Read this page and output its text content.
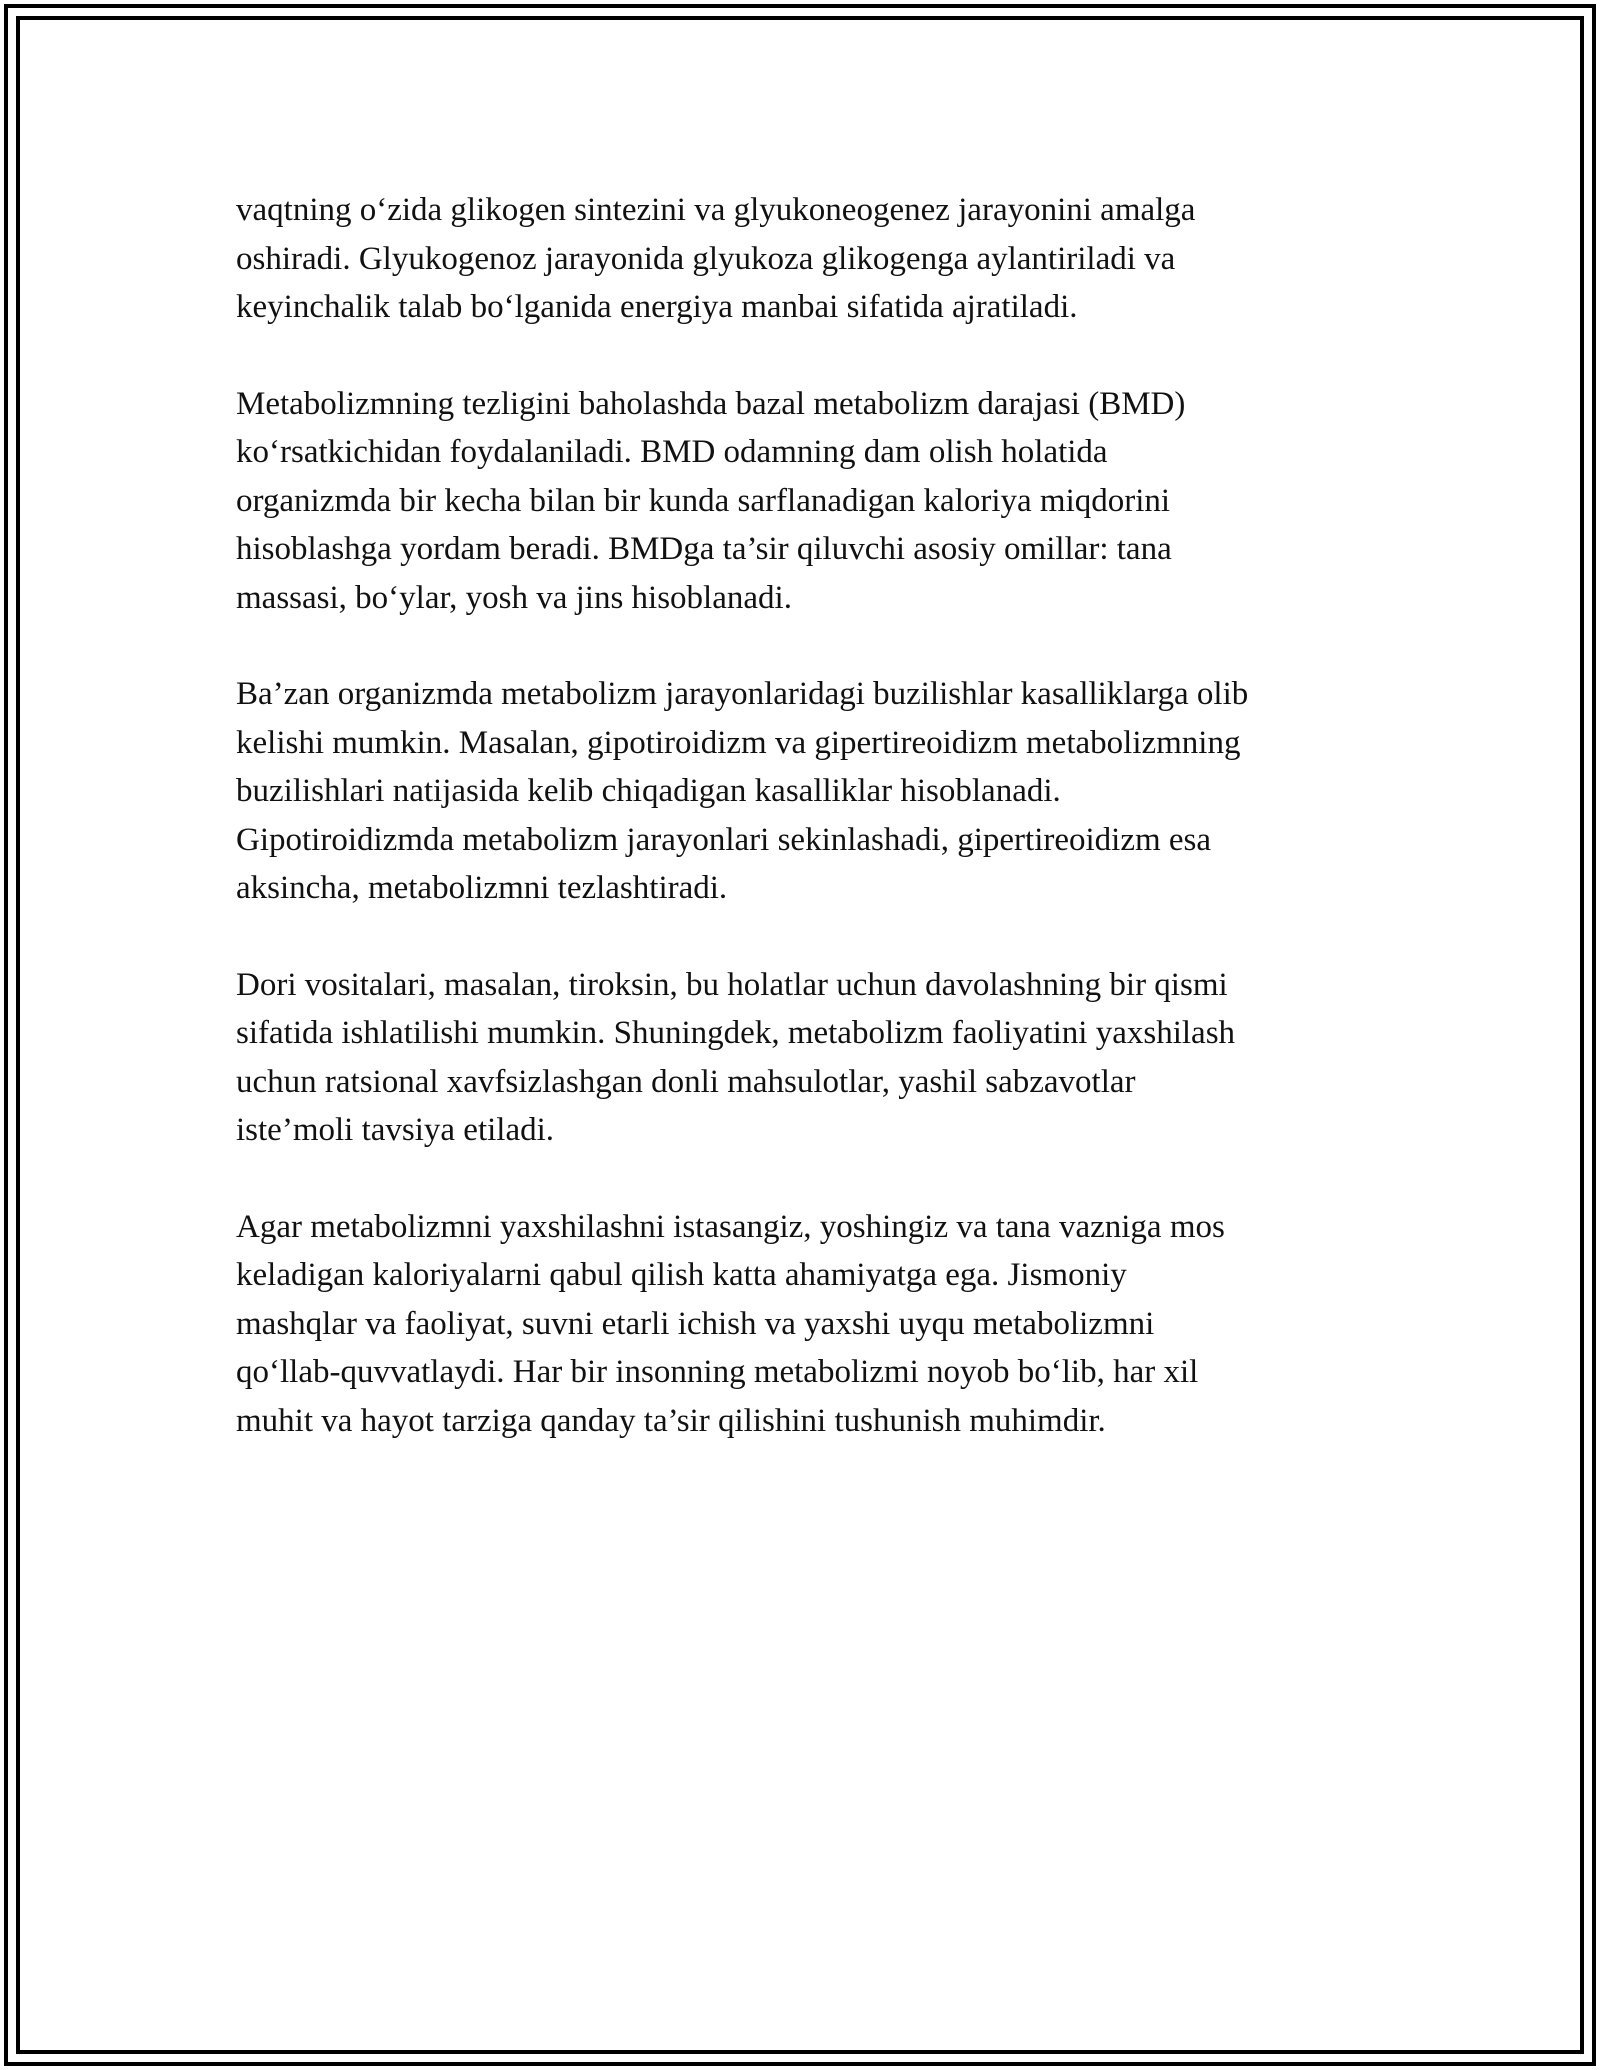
vaqtning o‘zida glikogen sintezini va glyukoneogenez jarayonini amalga
oshiradi. Glyukogenoz jarayonida glyukoza glikogenga aylantiriladi va
keyinchalik talab bo‘lganida energiya manbai sifatida ajratiladi.

Metabolizmning tezligini baholashda bazal metabolizm darajasi (BMD)
ko‘rsatkichidan foydalaniladi. BMD odamning dam olish holatida
organizmda bir kecha bilan bir kunda sarflanadigan kaloriya miqdorini
hisoblashga yordam beradi. BMDga ta’sir qiluvchi asosiy omillar: tana
massasi, bo‘ylar, yosh va jins hisoblanadi.

Ba’zan organizmda metabolizm jarayonlaridagi buzilishlar kasalliklarga olib
kelishi mumkin. Masalan, gipotiroidizm va gipertireoidizm metabolizmning
buzilishlari natijasida kelib chiqadigan kasalliklar hisoblanadi.
Gipotiroidizmda metabolizm jarayonlari sekinlashadi, gipertireoidizm esa
aksincha, metabolizmni tezlashtiradi.

Dori vositalari, masalan, tiroksin, bu holatlar uchun davolashning bir qismi
sifatida ishlatilishi mumkin. Shuningdek, metabolizm faoliyatini yaxshilash
uchun ratsional xavfsizlashgan donli mahsulotlar, yashil sabzavotlar
iste’moli tavsiya etiladi.

Agar metabolizmni yaxshilashni istasangiz, yoshingiz va tana vazniga mos
keladigan kaloriyalarni qabul qilish katta ahamiyatga ega. Jismoniy
mashqlar va faoliyat, suvni etarli ichish va yaxshi uyqu metabolizmni
qo‘llab-quvvatlaydi. Har bir insonning metabolizmi noyob bo‘lib, har xil
muhit va hayot tarziga qanday ta’sir qilishini tushunish muhimdir.
